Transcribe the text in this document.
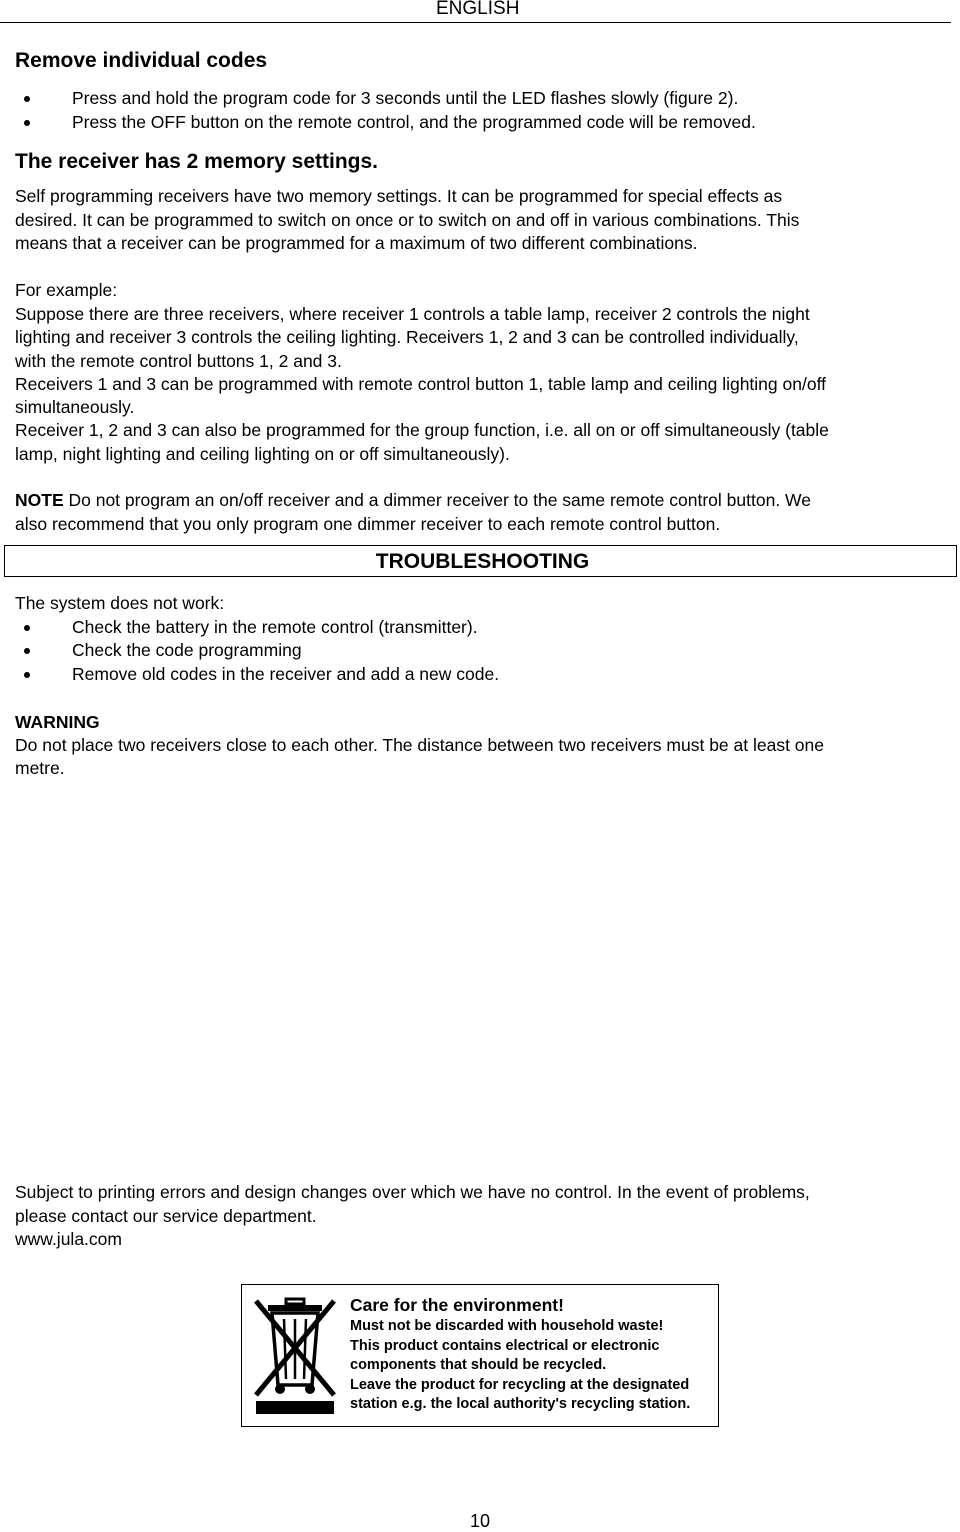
ENGLISH
Remove individual codes
Press and hold the program code for 3 seconds until the LED flashes slowly (figure 2).
Press the OFF button on the remote control, and the programmed code will be removed.
The receiver has 2 memory settings.

Self programming receivers have two memory settings. It can be programmed for special effects as

desired. It can be programmed to switch on once or to switch on and off in various combinations. This

means that a receiver can be programmed for a maximum of two different combinations.

For example:

Suppose there are three receivers, where receiver 1 controls a table lamp, receiver 2 controls the night

lighting and receiver 3 controls the ceiling lighting. Receivers 1, 2 and 3 can be controlled individually,

with the remote control buttons 1, 2 and 3.

Receivers 1 and 3 can be programmed with remote control button 1, table lamp and ceiling lighting on/off

simultaneously.

Receiver 1, 2 and 3 can also be programmed for the group function, i.e. all on or off simultaneously (table

lamp, night lighting and ceiling lighting on or off simultaneously).

NOTE Do not program an on/off receiver and a dimmer receiver to the same remote control button. We

also recommend that you only program one dimmer receiver to each remote control button.

TROUBLESHOOTING

The system does not work:

Check the battery in the remote control (transmitter).
Check the code programming
Remove old codes in the receiver and add a new code.

WARNING

Do not place two receivers close to each other. The distance between two receivers must be at least one

metre.

Subject to printing errors and design changes over which we have no control. In the event of problems,

please contact our service department.

www.jula.com

Care for the environment!
Must not be discarded with household waste!
This product contains electrical or electronic
components that should be recycled.
Leave the product for recycling at the designated
station e.g. the local authority's recycling station.
10
